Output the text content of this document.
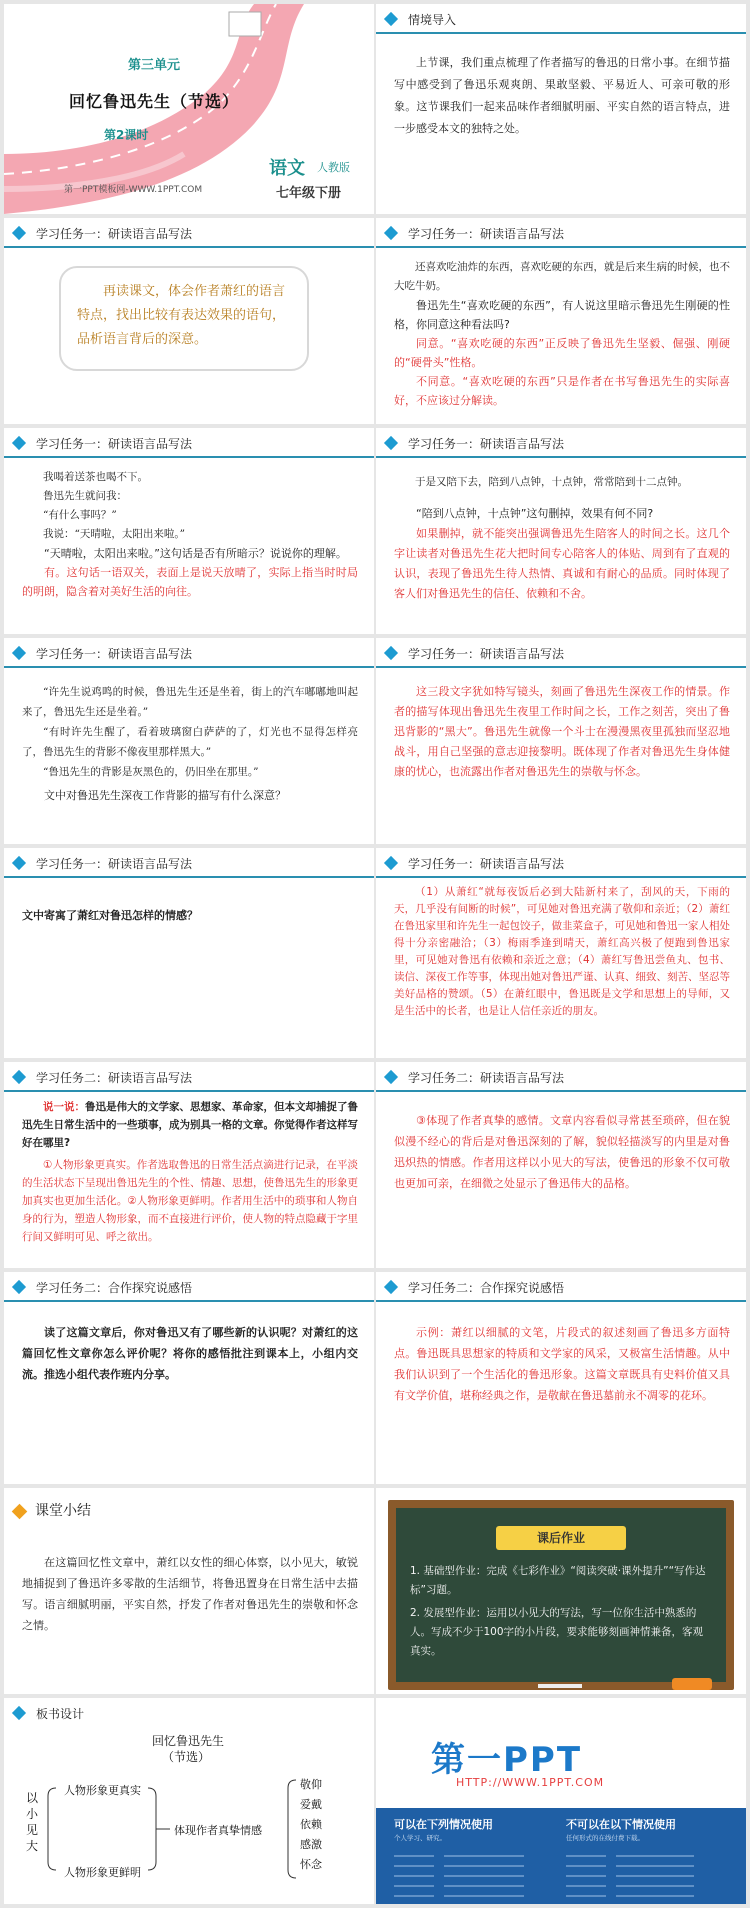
第三单元
回忆鲁迅先生（节选）
第2课时
语文 人教版
七年级下册
第一PPT模板网-WWW.1PPT.COM
情境导入

上节课，我们重点梳理了作者描写的鲁迅的日常小事。在细节描写中感受到了鲁迅乐观爽朗、果敢坚毅、平易近人、可亲可敬的形象。这节课我们一起来品味作者细腻明丽、平实自然的语言特点，进一步感受本文的独特之处。

学习任务一：研读语言品写法
再读课文，体会作者萧红的语言特点，找出比较有表达效果的语句，品析语言背后的深意。
学习任务一：研读语言品写法

还喜欢吃油炸的东西，喜欢吃硬的东西，就是后来生病的时候，也不大吃牛奶。

鲁迅先生“喜欢吃硬的东西”，有人说这里暗示鲁迅先生刚硬的性格，你同意这种看法吗?

同意。“喜欢吃硬的东西”正反映了鲁迅先生坚毅、倔强、刚硬的“硬骨头”性格。

不同意。“喜欢吃硬的东西”只是作者在书写鲁迅先生的实际喜好，不应该过分解读。

学习任务一：研读语言品写法

我喝着送茶也喝不下。

鲁迅先生就问我：

“有什么事吗？”

我说：“天晴啦，太阳出来啦。”

“天晴啦，太阳出来啦。”这句话是否有所暗示？说说你的理解。

有。这句话一语双关，表面上是说天放晴了，实际上指当时时局的明朗，隐含着对美好生活的向往。

学习任务一：研读语言品写法

于是又陪下去，陪到八点钟，十点钟，常常陪到十二点钟。

“陪到八点钟，十点钟”这句删掉，效果有何不同?

如果删掉，就不能突出强调鲁迅先生陪客人的时间之长。这几个字让读者对鲁迅先生花大把时间专心陪客人的体贴、周到有了直观的认识，表现了鲁迅先生待人热情、真诚和有耐心的品质。同时体现了客人们对鲁迅先生的信任、依赖和不舍。

学习任务一：研读语言品写法

“许先生说鸡鸣的时候，鲁迅先生还是坐着，街上的汽车嘟嘟地叫起来了，鲁迅先生还是坐着。”

“有时许先生醒了，看着玻璃窗白萨萨的了，灯光也不显得怎样亮了，鲁迅先生的背影不像夜里那样黑大。”

“鲁迅先生的背影是灰黑色的，仍旧坐在那里。”

文中对鲁迅先生深夜工作背影的描写有什么深意？

学习任务一：研读语言品写法

这三段文字犹如特写镜头，刻画了鲁迅先生深夜工作的情景。作者的描写体现出鲁迅先生夜里工作时间之长，工作之刻苦，突出了鲁迅背影的“黑大”。鲁迅先生就像一个斗士在漫漫黑夜里孤独而坚忍地战斗，用自己坚强的意志迎接黎明。既体现了作者对鲁迅先生身体健康的忧心，也流露出作者对鲁迅先生的崇敬与怀念。

学习任务一：研读语言品写法

文中寄寓了萧红对鲁迅怎样的情感？

学习任务一：研读语言品写法

（1）从萧红“就每夜饭后必到大陆新村来了，刮风的天，下雨的天，几乎没有间断的时候”，可见她对鲁迅充满了敬仰和亲近；（2）萧红在鲁迅家里和许先生一起包饺子，做韭菜盒子，可见她和鲁迅一家人相处得十分亲密融洽；（3）梅雨季逢到晴天，萧红高兴极了便跑到鲁迅家里，可见她对鲁迅有依赖和亲近之意；（4）萧红写鲁迅尝鱼丸、包书、读信、深夜工作等事，体现出她对鲁迅严谨、认真、细致、刻苦、坚忍等美好品格的赞颂。（5）在萧红眼中，鲁迅既是文学和思想上的导师，又是生活中的长者，也是让人信任亲近的朋友。

学习任务二：研读语言品写法

说一说：鲁迅是伟大的文学家、思想家、革命家，但本文却捕捉了鲁迅先生日常生活中的一些琐事，成为别具一格的文章。你觉得作者这样写好在哪里?

①人物形象更真实。作者选取鲁迅的日常生活点滴进行记录，在平淡的生活状态下呈现出鲁迅先生的个性、情趣、思想，使鲁迅先生的形象更加真实也更加生活化。②人物形象更鲜明。作者用生活中的琐事和人物自身的行为，塑造人物形象，而不直接进行评价，使人物的特点隐藏于字里行间又鲜明可见、呼之欲出。

学习任务二：研读语言品写法

③体现了作者真挚的感情。文章内容看似寻常甚至琐碎，但在貌似漫不经心的背后是对鲁迅深刻的了解，貌似轻描淡写的内里是对鲁迅炽热的情感。作者用这样以小见大的写法，使鲁迅的形象不仅可敬也更加可亲，在细微之处显示了鲁迅伟大的品格。

学习任务二：合作探究说感悟

读了这篇文章后，你对鲁迅又有了哪些新的认识呢？对萧红的这篇回忆性文章你怎么评价呢？将你的感悟批注到课本上，小组内交流。推选小组代表作班内分享。

学习任务二：合作探究说感悟

示例：萧红以细腻的文笔，片段式的叙述刻画了鲁迅多方面特点。鲁迅既具思想家的特质和文学家的风采，又极富生活情趣。从中我们认识到了一个生活化的鲁迅形象。这篇文章既具有史料价值又具有文学价值，堪称经典之作，是敬献在鲁迅墓前永不凋零的花环。

课堂小结

在这篇回忆性文章中，萧红以女性的细心体察，以小见大，敏锐地捕捉到了鲁迅许多零散的生活细节，将鲁迅置身在日常生活中去描写。语言细腻明丽，平实自然，抒发了作者对鲁迅先生的崇敬和怀念之情。

课后作业

1. 基础型作业：完成《七彩作业》“阅读突破·课外提升”“写作达标”习题。

2. 发展型作业：运用以小见大的写法，写一位你生活中熟悉的人。写成不少于100字的小片段，要求能够刻画神情兼备，客观真实。

板书设计
回忆鲁迅先生
（节选）
以小见大
人物形象更真实
人物形象更鲜明
体现作者真挚情感
敬仰
爱戴
依赖
感激
怀念
第一PPT
HTTP://WWW.1PPT.COM
可以在下列情况使用	不可以在以下情况使用
个人学习、研究。	任何形式的在线付费下载。
